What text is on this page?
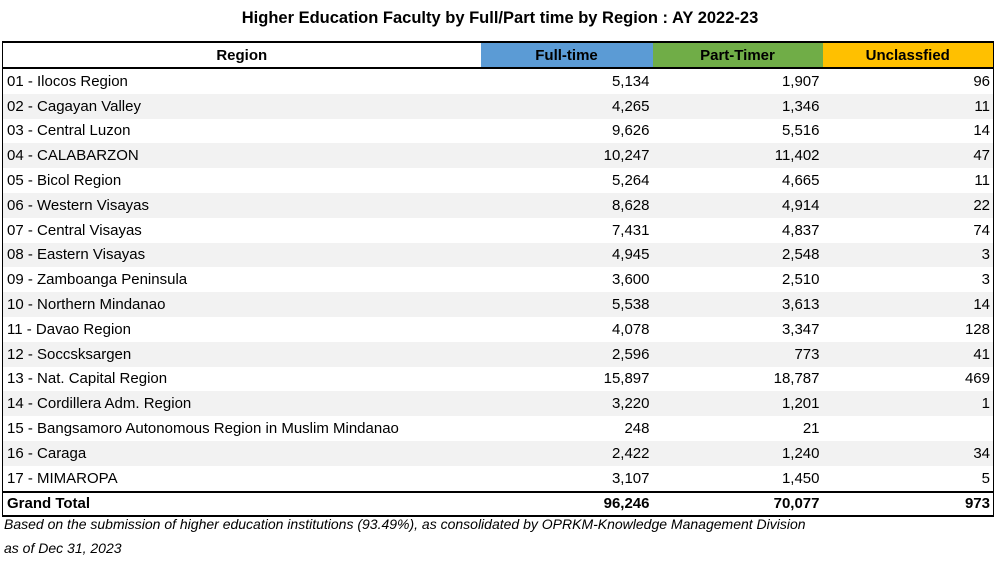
Higher Education Faculty by Full/Part time by Region : AY 2022-23
Region	Full-time	Part-Timer	Unclassfied
01 - Ilocos Region	5,134	1,907	96
02 - Cagayan Valley	4,265	1,346	11
03 - Central Luzon	9,626	5,516	14
04 - CALABARZON	10,247	11,402	47
05 - Bicol Region	5,264	4,665	11
06 - Western Visayas	8,628	4,914	22
07 - Central Visayas	7,431	4,837	74
08 - Eastern Visayas	4,945	2,548	3
09 - Zamboanga Peninsula	3,600	2,510	3
10 - Northern Mindanao	5,538	3,613	14
11 - Davao Region	4,078	3,347	128
12 - Soccsksargen	2,596	773	41
13 - Nat. Capital Region	15,897	18,787	469
14 - Cordillera Adm. Region	3,220	1,201	1
15 - Bangsamoro Autonomous Region in Muslim Mindanao	248	21	
16 - Caraga	2,422	1,240	34
17 - MIMAROPA	3,107	1,450	5
Grand Total	96,246	70,077	973
Based on the submission of higher education institutions (93.49%), as consolidated by OPRKM-Knowledge Management Division
as of Dec 31, 2023
